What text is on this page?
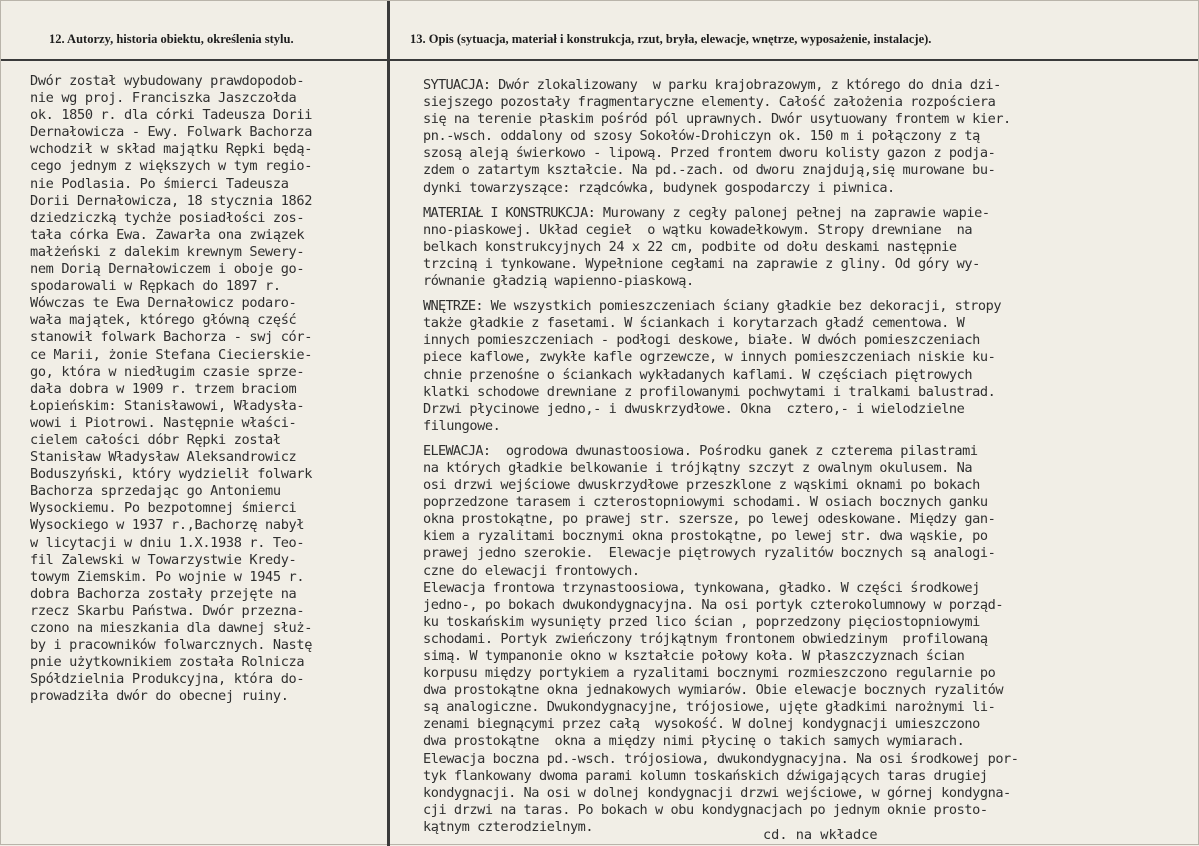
12. Autorzy, historia obiektu, określenia stylu.	13. Opis (sytuacja, materiał i konstrukcja, rzut, bryła, elewacje, wnętrze, wyposażenie, instalacje).
Dwór został wybudowany prawdopodob-
nie wg proj. Franciszka Jaszczołda
ok. 1850 r. dla córki Tadeusza Dorii
Dernałowicza - Ewy. Folwark Bachorza
wchodził w skład majątku Rępki będą-
cego jednym z większych w tym regio-
nie Podlasia. Po śmierci Tadeusza
Dorii Dernałowicza, 18 stycznia 1862
dziedziczką tychże posiadłości zos-
tała córka Ewa. Zawarła ona związek
małżeński z dalekim krewnym Sewery-
nem Dorią Dernałowiczem i oboje go-
spodarowali w Rępkach do 1897 r.
Wówczas te Ewa Dernałowicz podaro-
wała majątek, którego główną część
stanowił folwark Bachorza - swj cór-
ce Marii, żonie Stefana Ciecierskie-
go, która w niedługim czasie sprze-
dała dobra w 1909 r. trzem braciom
Łopieńskim: Stanisławowi, Władysła-
wowi i Piotrowi. Następnie właści-
cielem całości dóbr Rępki został
Stanisław Władysław Aleksandrowicz
Boduszyński, który wydzielił folwark
Bachorza sprzedając go Antoniemu
Wysockiemu. Po bezpotomnej śmierci
Wysockiego w 1937 r.,Bachorzę nabył
w licytacji w dniu 1.X.1938 r. Teo-
fil Zalewski w Towarzystwie Kredy-
towym Ziemskim. Po wojnie w 1945 r.
dobra Bachorza zostały przejęte na
rzecz Skarbu Państwa. Dwór przezna-
czono na mieszkania dla dawnej służ-
by i pracowników folwarcznych. Nastę
pnie użytkownikiem została Rolnicza
Spółdzielnia Produkcyjna, która do-
prowadziła dwór do obecnej ruiny.
SYTUACJA: Dwór zlokalizowany  w parku krajobrazowym, z którego do dnia dzi-
siejszego pozostały fragmentaryczne elementy. Całość założenia rozpościera
się na terenie płaskim pośród pól uprawnych. Dwór usytuowany frontem w kier.
pn.-wsch. oddalony od szosy Sokołów-Drohiczyn ok. 150 m i połączony z tą
szosą aleją świerkowo - lipową. Przed frontem dworu kolisty gazon z podja-
zdem o zatartym kształcie. Na pd.-zach. od dworu znajdują,się murowane bu-
dynki towarzyszące: rządcówka, budynek gospodarczy i piwnica.
MATERIAŁ I KONSTRUKCJA: Murowany z cegły palonej pełnej na zaprawie wapie-
nno-piaskowej. Układ cegieł  o wątku kowadełkowym. Stropy drewniane  na
belkach konstrukcyjnych 24 x 22 cm, podbite od dołu deskami następnie
trzciną i tynkowane. Wypełnione cegłami na zaprawie z gliny. Od góry wy-
równanie gładzią wapienno-piaskową.
WNĘTRZE: We wszystkich pomieszczeniach ściany gładkie bez dekoracji, stropy
także gładkie z fasetami. W ściankach i korytarzach gładź cementowa. W
innych pomieszczeniach - podłogi deskowe, białe. W dwóch pomieszczeniach
piece kaflowe, zwykłe kafle ogrzewcze, w innych pomieszczeniach niskie ku-
chnie przenośne o ściankach wykładanych kaflami. W częściach piętrowych
klatki schodowe drewniane z profilowanymi pochwytami i tralkami balustrad.
Drzwi płycinowe jedno,- i dwuskrzydłowe. Okna  cztero,- i wielodzielne
filungowe.
ELEWACJA:  ogrodowa dwunastoosiowa. Pośrodku ganek z czterema pilastrami
na których gładkie belkowanie i trójkątny szczyt z owalnym okulusem. Na
osi drzwi wejściowe dwuskrzydłowe przeszklone z wąskimi oknami po bokach
poprzedzone tarasem i czterostopniowymi schodami. W osiach bocznych ganku
okna prostokątne, po prawej str. szersze, po lewej odeskowane. Między gan-
kiem a ryzalitami bocznymi okna prostokątne, po lewej str. dwa wąskie, po
prawej jedno szerokie.  Elewacje piętrowych ryzalitów bocznych są analogi-
czne do elewacji frontowych.
Elewacja frontowa trzynastoosiowa, tynkowana, gładko. W części środkowej
jedno-, po bokach dwukondygnacyjna. Na osi portyk czterokolumnowy w porząd-
ku toskańskim wysunięty przed lico ścian , poprzedzony pięciostopniowymi
schodami. Portyk zwieńczony trójkątnym frontonem obwiedzinym  profilowaną
simą. W tympanonie okno w kształcie połowy koła. W płaszczyznach ścian
korpusu między portykiem a ryzalitami bocznymi rozmieszczono regularnie po
dwa prostokątne okna jednakowych wymiarów. Obie elewacje bocznych ryzalitów
są analogiczne. Dwukondygnacyjne, trójosiowe, ujęte gładkimi narożnymi li-
zenami biegnącymi przez całą  wysokość. W dolnej kondygnacji umieszczono
dwa prostokątne  okna a między nimi płycinę o takich samych wymiarach.
Elewacja boczna pd.-wsch. trójosiowa, dwukondygnacyjna. Na osi środkowej por-
tyk flankowany dwoma parami kolumn toskańskich dźwigających taras drugiej
kondygnacji. Na osi w dolnej kondygnacji drzwi wejściowe, w górnej kondygna-
cji drzwi na taras. Po bokach w obu kondygnacjach po jednym oknie prosto-
kątnym czterodzielnym.
cd. na wkładce
